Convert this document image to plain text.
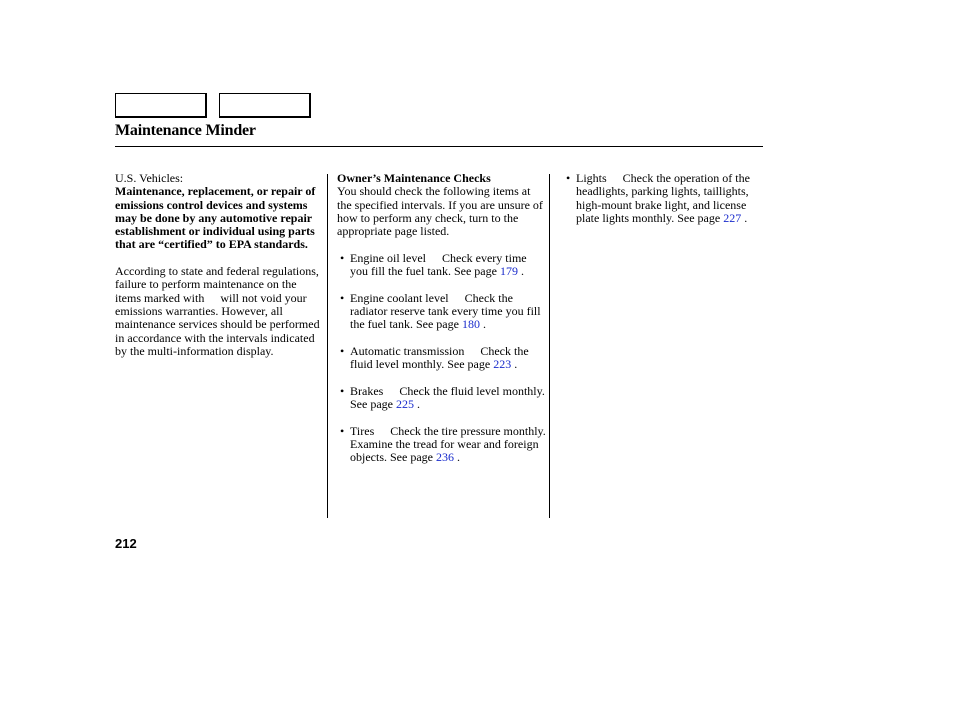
Maintenance Minder

U.S. Vehicles:

Maintenance, replacement, or repair of emissions control devices and systems may be done by any automotive repair establishment or individual using parts that are “certified” to EPA standards.

According to state and federal regulations, failure to perform maintenance on the items marked with will not void your emissions warranties. However, all maintenance services should be performed in accordance with the intervals indicated by the multi-information display.

Owner’s Maintenance Checks

You should check the following items at the specified intervals. If you are unsure of how to perform any check, turn to the appropriate page listed.

• Engine oil level Check every time you fill the fuel tank. See page 179 .
• Engine coolant level Check the radiator reserve tank every time you fill the fuel tank. See page 180 .
• Automatic transmission Check the fluid level monthly. See page 223 .
• Brakes Check the fluid level monthly. See page 225 .
• Tires Check the tire pressure monthly. Examine the tread for wear and foreign objects. See page 236 .
• Lights Check the operation of the headlights, parking lights, taillights, high-mount brake light, and license plate lights monthly. See page 227 .
212
